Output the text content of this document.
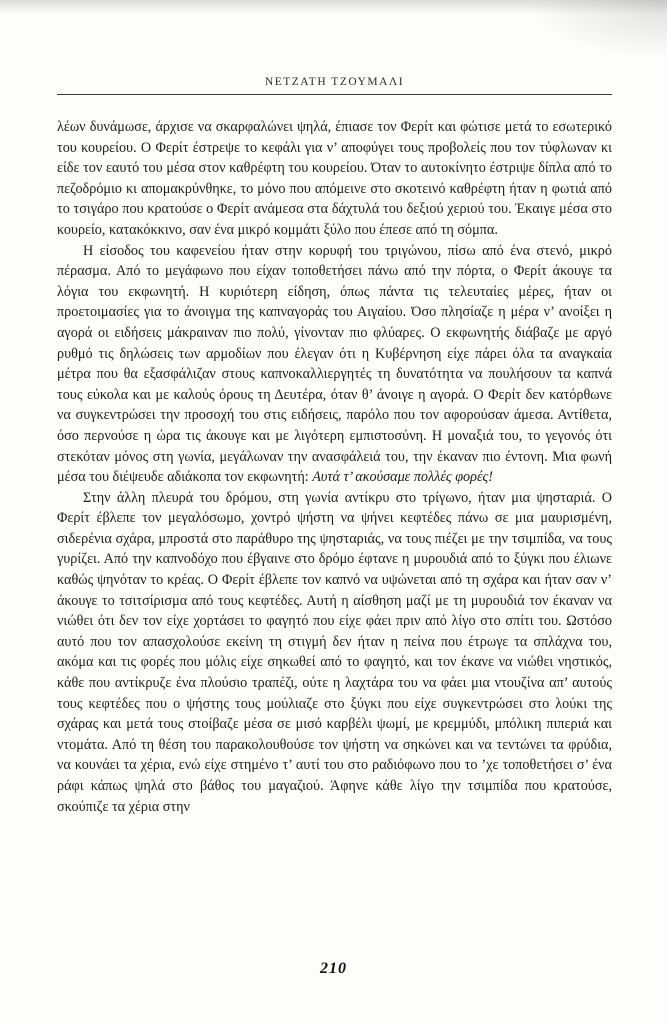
ΝΕΤΖΑΤΗ ΤΖΟΥΜΑΛΙ

λέων δυνάμωσε, άρχισε να σκαρφαλώνει ψηλά, έπιασε τον Φερίτ και φώτισε μετά το εσωτερικό του κουρείου. Ο Φερίτ έστρεψε το κεφάλι για ν’ αποφύγει τους προβολείς που τον τύφλωναν κι είδε τον εαυτό του μέσα στον καθρέφτη του κουρείου. Όταν το αυτοκίνητο έστριψε δίπλα από το πεζοδρόμιο κι απομακρύνθηκε, το μόνο που απόμεινε στο σκοτεινό καθρέφτη ήταν η φωτιά από το τσιγάρο που κρατούσε ο Φερίτ ανάμεσα στα δάχτυλά του δεξιού χεριού του. Έκαιγε μέσα στο κουρείο, κατακόκκινο, σαν ένα μικρό κομμάτι ξύλο που έπεσε από τη σόμπα.

Η είσοδος του καφενείου ήταν στην κορυφή του τριγώνου, πίσω από ένα στενό, μικρό πέρασμα. Από το μεγάφωνο που είχαν τοποθετήσει πάνω από την πόρτα, ο Φερίτ άκουγε τα λόγια του εκφωνητή. Η κυριότερη είδηση, όπως πάντα τις τελευταίες μέρες, ήταν οι προετοιμασίες για το άνοιγμα της καπναγοράς του Αιγαίου. Όσο πλησίαζε η μέρα ν’ ανοίξει η αγορά οι ειδήσεις μάκραιναν πιο πολύ, γίνονταν πιο φλύαρες. Ο εκφωνητής διάβαζε με αργό ρυθμό τις δηλώσεις των αρμοδίων που έλεγαν ότι η Κυβέρνηση είχε πάρει όλα τα αναγκαία μέτρα που θα εξασφάλιζαν στους καπνοκαλλιεργητές τη δυνατότητα να πουλήσουν τα καπνά τους εύκολα και με καλούς όρους τη Δευτέρα, όταν θ’ άνοιγε η αγορά. Ο Φερίτ δεν κατόρθωνε να συγκεντρώσει την προσοχή του στις ειδήσεις, παρόλο που τον αφορούσαν άμεσα. Αντίθετα, όσο περνούσε η ώρα τις άκουγε και με λιγότερη εμπιστοσύνη. Η μοναξιά του, το γεγονός ότι στεκόταν μόνος στη γωνία, μεγάλωναν την ανασφάλειά του, την έκαναν πιο έντονη. Μια φωνή μέσα του διέψευδε αδιάκοπα τον εκφωνητή: Αυτά τ’ ακούσαμε πολλές φορές!

Στην άλλη πλευρά του δρόμου, στη γωνία αντίκρυ στο τρίγωνο, ήταν μια ψησταριά. Ο Φερίτ έβλεπε τον μεγαλόσωμο, χοντρό ψήστη να ψήνει κεφτέδες πάνω σε μια μαυρισμένη, σιδερένια σχάρα, μπροστά στο παράθυρο της ψησταριάς, να τους πιέζει με την τσιμπίδα, να τους γυρίζει. Από την καπνοδόχο που έβγαινε στο δρόμο έφτανε η μυρουδιά από το ξύγκι που έλιωνε καθώς ψηνόταν το κρέας. Ο Φερίτ έβλεπε τον καπνό να υψώνεται από τη σχάρα και ήταν σαν ν’ άκουγε το τσιτσίρισμα από τους κεφτέδες. Αυτή η αίσθηση μαζί με τη μυρουδιά τον έκαναν να νιώθει ότι δεν τον είχε χορτάσει το φαγητό που είχε φάει πριν από λίγο στο σπίτι του. Ωστόσο αυτό που τον απασχολούσε εκείνη τη στιγμή δεν ήταν η πείνα που έτρωγε τα σπλάχνα του, ακόμα και τις φορές που μόλις είχε σηκωθεί από το φαγητό, και τον έκανε να νιώθει νηστικός, κάθε που αντίκρυζε ένα πλούσιο τραπέζι, ούτε η λαχτάρα του να φάει μια ντουζίνα απ’ αυτούς τους κεφτέδες που ο ψήστης τους μούλιαζε στο ξύγκι που είχε συγκεντρώσει στο λούκι της σχάρας και μετά τους στοίβαζε μέσα σε μισό καρβέλι ψωμί, με κρεμμύδι, μπόλικη πιπεριά και ντομάτα. Από τη θέση του παρακολουθούσε τον ψήστη να σηκώνει και να τεντώνει τα φρύδια, να κουνάει τα χέρια, ενώ είχε στημένο τ’ αυτί του στο ραδιόφωνο που το ’χε τοποθετήσει σ’ ένα ράφι κάπως ψηλά στο βάθος του μαγαζιού. Άφηνε κάθε λίγο την τσιμπίδα που κρατούσε, σκούπιζε τα χέρια στην

210
